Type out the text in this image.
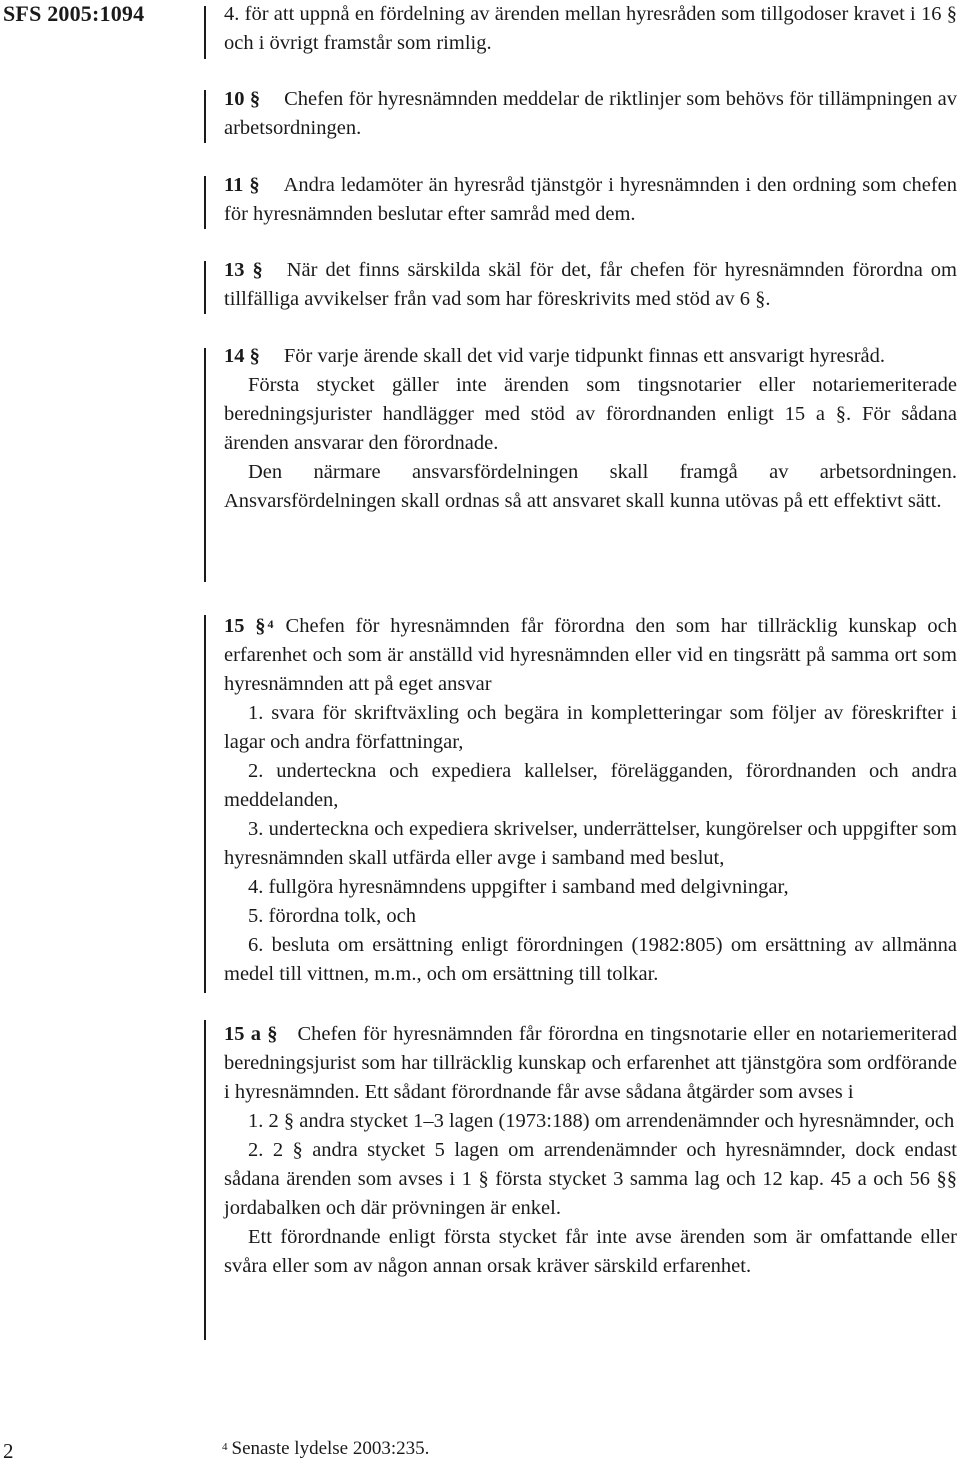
SFS 2005:1094	4. för att uppnå en fördelning av ärenden mellan hyresråden som tillgodoser kravet i 16 § och i övrigt framstår som rimlig.
10 § Chefen för hyresnämnden meddelar de riktlinjer som behövs för tillämpningen av arbetsordningen.
11 § Andra ledamöter än hyresråd tjänstgör i hyresnämnden i den ordning som chefen för hyresnämnden beslutar efter samråd med dem.
13 § När det finns särskilda skäl för det, får chefen för hyresnämnden förordna om tillfälliga avvikelser från vad som har föreskrivits med stöd av 6 §.
14 § För varje ärende skall det vid varje tidpunkt finnas ett ansvarigt hyresråd.
Första stycket gäller inte ärenden som tingsnotarier eller notariemeriterade beredningsjurister handlägger med stöd av förordnanden enligt 15 a §. För sådana ärenden ansvarar den förordnade.
Den närmare ansvarsfördelningen skall framgå av arbetsordningen. Ansvarsfördelningen skall ordnas så att ansvaret skall kunna utövas på ett effektivt sätt.
15 § $^4$ Chefen för hyresnämnden får förordna den som har tillräcklig kunskap och erfarenhet och som är anställd vid hyresnämnden eller vid en tingsrätt på samma ort som hyresnämnden att på eget ansvar
1. svara för skriftväxling och begära in kompletteringar som följer av föreskrifter i lagar och andra författningar,
2. underteckna och expediera kallelser, förelägganden, förordnanden och andra meddelanden,
3. underteckna och expediera skrivelser, underrättelser, kungörelser och uppgifter som hyresnämnden skall utfärda eller avge i samband med beslut,
4. fullgöra hyresnämndens uppgifter i samband med delgivningar,
5. förordna tolk, och
6. besluta om ersättning enligt förordningen (1982:805) om ersättning av allmänna medel till vittnen, m.m., och om ersättning till tolkar.
15 a § Chefen för hyresnämnden får förordna en tingsnotarie eller en notariemeriterad beredningsjurist som har tillräcklig kunskap och erfarenhet att tjänstgöra som ordförande i hyresnämnden. Ett sådant förordnande får avse sådana åtgärder som avses i
1. 2 § andra stycket 1–3 lagen (1973:188) om arrendenämnder och hyresnämnder, och
2. 2 § andra stycket 5 lagen om arrendenämnder och hyresnämnder, dock endast sådana ärenden som avses i 1 § första stycket 3 samma lag och 12 kap. 45 a och 56 §§ jordabalken och där prövningen är enkel.
Ett förordnande enligt första stycket får inte avse ärenden som är omfattande eller svåra eller som av någon annan orsak kräver särskild erfarenhet.
2	$^4$ Senaste lydelse 2003:235.
